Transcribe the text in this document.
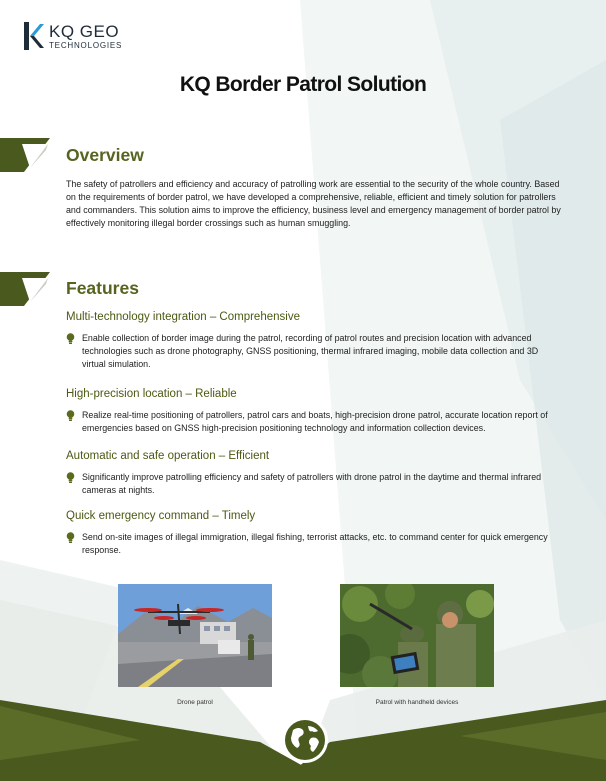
KQ GEO
TECHNOLOGIES
KQ Border Patrol Solution
Overview
The safety of patrollers and efficiency and accuracy of patrolling work are essential to the security of the whole country. Based on the requirements of border patrol, we have developed a comprehensive, reliable, efficient and timely solution for patrollers and commanders. This solution aims to improve the efficiency, business level and emergency management of border patrol by effectively monitoring illegal border crossings such as human smuggling.
Features
Multi-technology integration – Comprehensive
Enable collection of border image during the patrol, recording of patrol routes and precision location with advanced technologies such as drone photography, GNSS positioning, thermal infrared imaging, mobile data collection and 3D virtual simulation.
High-precision location – Reliable
Realize real-time positioning of patrollers, patrol cars and boats, high-precision drone patrol, accurate location report of emergencies based on GNSS high-precision positioning technology and information collection devices.
Automatic and safe operation – Efficient
Significantly improve patrolling efficiency and safety of patrollers with drone patrol in the daytime and thermal infrared cameras at nights.
Quick emergency command – Timely
Send on-site images of illegal immigration, illegal fishing, terrorist attacks, etc. to command center for quick emergency response.
Drone patrol	Patrol with handheld devices
